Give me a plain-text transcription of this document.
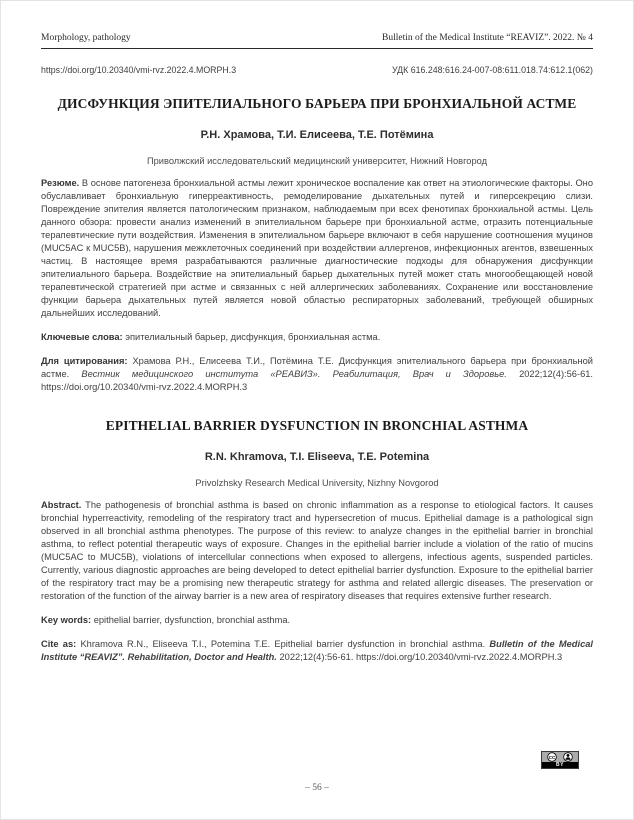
Morphology, pathology	Bulletin of the Medical Institute “REAVIZ”. 2022. № 4
https://doi.org/10.20340/vmi-rvz.2022.4.MORPH.3	УДК 616.248:616.24-007-08:611.018.74:612.1(062)
ДИСФУНКЦИЯ ЭПИТЕЛИАЛЬНОГО БАРЬЕРА ПРИ БРОНХИАЛЬНОЙ АСТМЕ
Р.Н. Храмова, Т.И. Елисеева, Т.Е. Потёмина
Приволжский исследовательский медицинский университет, Нижний Новгород

Резюме. В основе патогенеза бронхиальной астмы лежит хроническое воспаление как ответ на этиологические факторы. Оно обуславливает бронхиальную гиперреактивность, ремоделирование дыхательных путей и гиперсекрецию слизи. Повреждение эпителия является патологическим признаком, наблюдаемым при всех фенотипах бронхиальной астмы. Цель данного обзора: провести анализ изменений в эпителиальном барьере при бронхиальной астме, отразить потенциальные терапевтические пути воздействия. Изменения в эпителиальном барьере включают в себя нарушение соотношения муцинов (MUC5AC к MUC5B), нарушения межклеточных соединений при воздействии аллергенов, инфекционных агентов, взвешенных частиц. В настоящее время разрабатываются различные диагностические подходы для обнаружения дисфункции эпителиального барьера. Воздействие на эпителиальный барьер дыхательных путей может стать многообещающей новой терапевтической стратегией при астме и связанных с ней аллергических заболеваниях. Сохранение или восстановление функции барьера дыхательных путей является новой областью респираторных заболеваний, требующей обширных дальнейших исследований.

Ключевые слова: эпителиальный барьер, дисфункция, бронхиальная астма.

Для цитирования: Храмова Р.Н., Елисеева Т.И., Потёмина Т.Е. Дисфункция эпителиального барьера при бронхиальной астме. Вестник медицинского института «РЕАВИЗ». Реабилитация, Врач и Здоровье. 2022;12(4):56-61. https://doi.org/10.20340/vmi-rvz.2022.4.MORPH.3

EPITHELIAL BARRIER DYSFUNCTION IN BRONCHIAL ASTHMA
R.N. Khramova, T.I. Eliseeva, T.E. Potemina
Privolzhsky Research Medical University, Nizhny Novgorod

Abstract. The pathogenesis of bronchial asthma is based on chronic inflammation as a response to etiological factors. It causes bronchial hyperreactivity, remodeling of the respiratory tract and hypersecretion of mucus. Epithelial damage is a pathological sign observed in all bronchial asthma phenotypes. The purpose of this review: to analyze changes in the epithelial barrier in bronchial asthma, to reflect potential therapeutic ways of exposure. Changes in the epithelial barrier include a violation of the ratio of mucins (MUC5AC to MUC5B), violations of intercellular connections when exposed to allergens, infectious agents, suspended particles. Currently, various diagnostic approaches are being developed to detect epithelial barrier dysfunction. Exposure to the epithelial barrier of the respiratory tract may be a promising new therapeutic strategy for asthma and related allergic diseases. The preservation or restoration of the function of the airway barrier is a new area of respiratory diseases that requires extensive further research.

Key words: epithelial barrier, dysfunction, bronchial asthma.

Cite as: Khramova R.N., Eliseeva T.I., Potemina T.E. Epithelial barrier dysfunction in bronchial asthma. Bulletin of the Medical Institute “REAVIZ”. Rehabilitation, Doctor and Health. 2022;12(4):56-61. https://doi.org/10.20340/vmi-rvz.2022.4.MORPH.3

CC
BY
– 56 –
